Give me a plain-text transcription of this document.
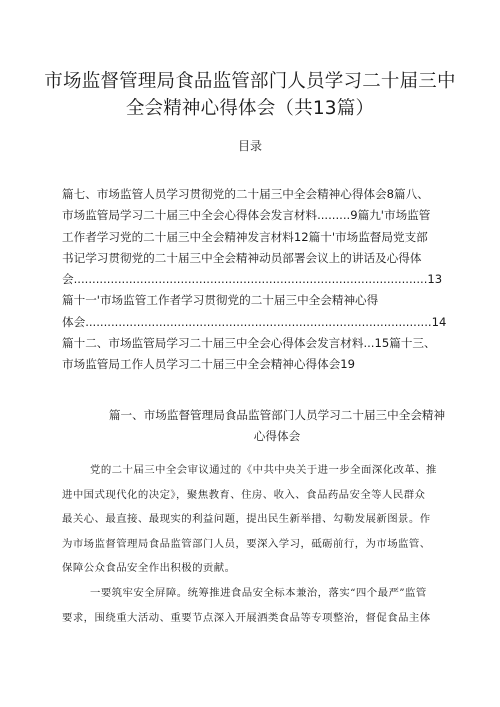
市场监督管理局食品监管部门人员学习二十届三中
全会精神心得体会（共13篇）
目录
篇七、市场监管人员学习贯彻党的二十届三中全会精神心得体会8篇八、
市场监管局学习二十届三中全会心得体会发言材料.........9篇九'市场监管
工作者学习党的二十届三中全会精神发言材料12篇十'市场监督局党支部
书记学习贯彻党的二十届三中全会精神动员部署会议上的讲话及心得体
会................................................................................................13
篇十一'市场监管工作者学习贯彻党的二十届三中全会精神心得
体会..............................................................................................14
篇十二、市场监管局学习二十届三中全会心得体会发言材料...15篇十三、
市场监管局工作人员学习二十届三中全会精神心得体会19
篇一、市场监督管理局食品监管部门人员学习二十届三中全会精神
心得体会
党的二十届三中全会审议通过的《中共中央关于进一步全面深化改革、推
进中国式现代化的决定》，聚焦教育、住房、收入、食品药品安全等人民群众
最关心、最直接、最现实的利益问题，提出民生新举措、勾勒发展新图景。作
为市场监督管理局食品监管部门人员，要深入学习，砥砺前行，为市场监管、
保障公众食品安全作出积极的贡献。
一要筑牢安全屏障。统筹推进食品安全标本兼治，落实“四个最严”监管
要求，围绕重大活动、重要节点深入开展酒类食品等专项整治，督促食品主体
